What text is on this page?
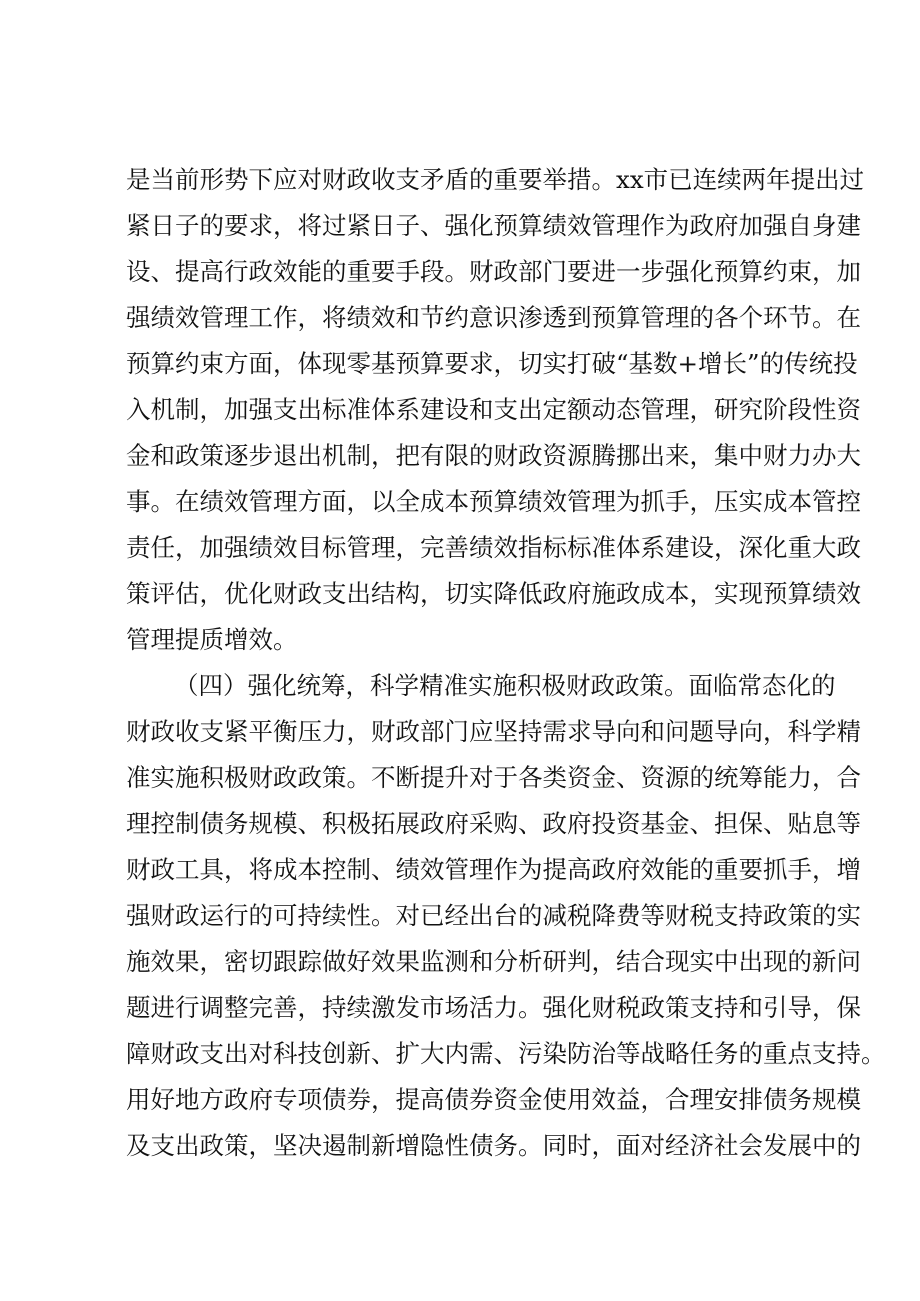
是当前形势下应对财政收支矛盾的重要举措。xx市已连续两年提出过
紧日子的要求，将过紧日子、强化预算绩效管理作为政府加强自身建
设、提高行政效能的重要手段。财政部门要进一步强化预算约束，加
强绩效管理工作，将绩效和节约意识渗透到预算管理的各个环节。在
预算约束方面，体现零基预算要求，切实打破“基数+增长”的传统投
入机制，加强支出标准体系建设和支出定额动态管理，研究阶段性资
金和政策逐步退出机制，把有限的财政资源腾挪出来，集中财力办大
事。在绩效管理方面，以全成本预算绩效管理为抓手，压实成本管控
责任，加强绩效目标管理，完善绩效指标标准体系建设，深化重大政
策评估，优化财政支出结构，切实降低政府施政成本，实现预算绩效
管理提质增效。
（四）强化统筹，科学精准实施积极财政政策。面临常态化的
财政收支紧平衡压力，财政部门应坚持需求导向和问题导向，科学精
准实施积极财政政策。不断提升对于各类资金、资源的统筹能力，合
理控制债务规模、积极拓展政府采购、政府投资基金、担保、贴息等
财政工具，将成本控制、绩效管理作为提高政府效能的重要抓手，增
强财政运行的可持续性。对已经出台的减税降费等财税支持政策的实
施效果，密切跟踪做好效果监测和分析研判，结合现实中出现的新问
题进行调整完善，持续激发市场活力。强化财税政策支持和引导，保
障财政支出对科技创新、扩大内需、污染防治等战略任务的重点支持。
用好地方政府专项债券，提高债券资金使用效益，合理安排债务规模
及支出政策，坚决遏制新增隐性债务。同时，面对经济社会发展中的
